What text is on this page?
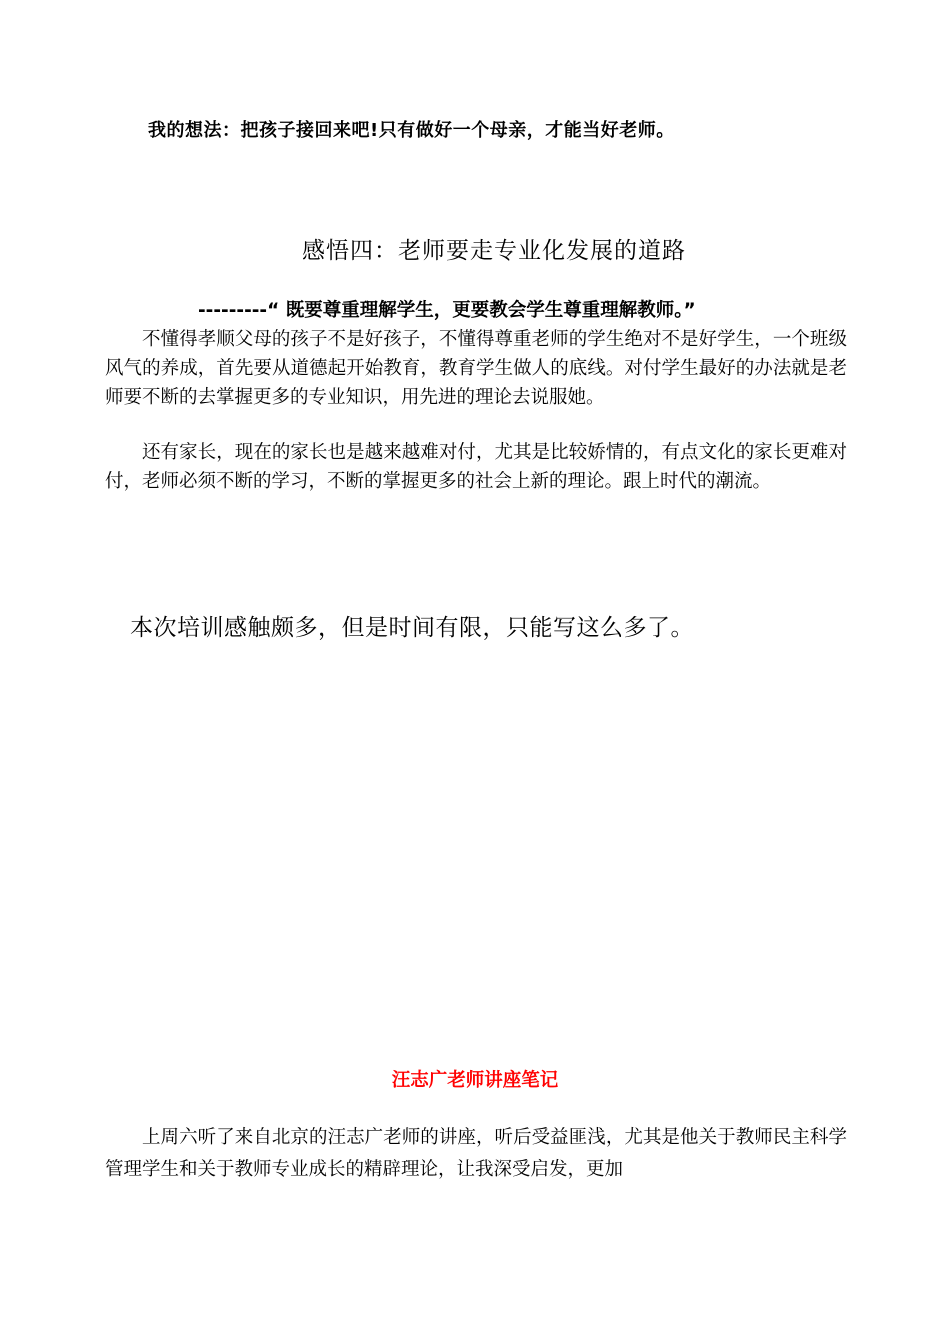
我的想法：把孩子接回来吧!只有做好一个母亲，才能当好老师。
感悟四：老师要走专业化发展的道路
---------“ 既要尊重理解学生，更要教会学生尊重理解教师。”
不懂得孝顺父母的孩子不是好孩子，不懂得尊重老师的学生绝对不是好学生，一个班级风气的养成，首先要从道德起开始教育，教育学生做人的底线。对付学生最好的办法就是老师要不断的去掌握更多的专业知识，用先进的理论去说服她。
还有家长，现在的家长也是越来越难对付，尤其是比较娇情的，有点文化的家长更难对付，老师必须不断的学习，不断的掌握更多的社会上新的理论。跟上时代的潮流。
本次培训感触颇多，但是时间有限，只能写这么多了。
汪志广老师讲座笔记
上周六听了来自北京的汪志广老师的讲座，听后受益匪浅，尤其是他关于教师民主科学管理学生和关于教师专业成长的精辟理论，让我深受启发，更加
